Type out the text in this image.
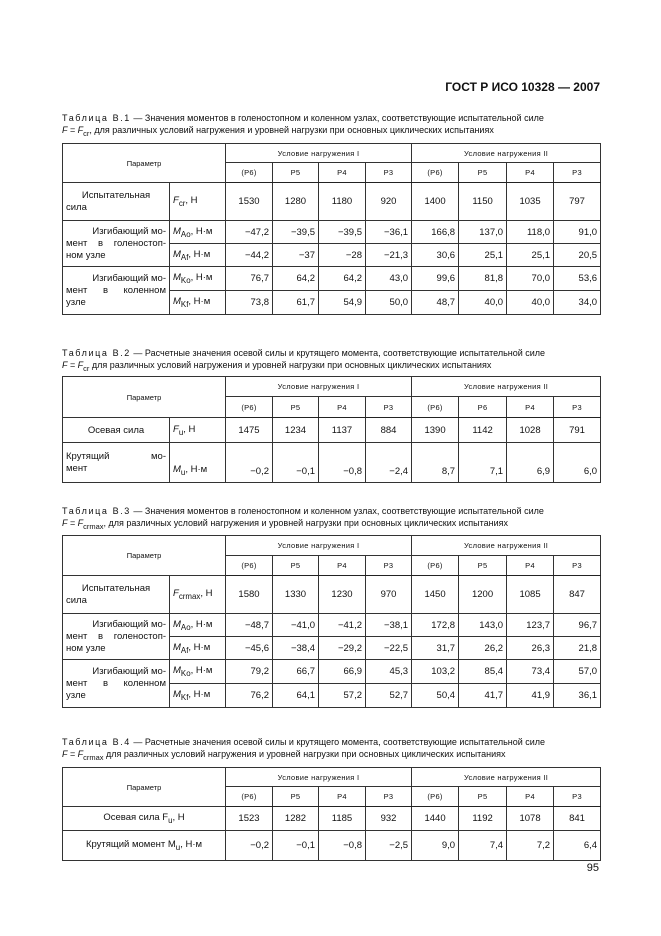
ГОСТ Р ИСО 10328 — 2007
Таблица В.1 — Значения моментов в голеностопном и коленном узлах, соответствующие испытательной силе
$F = F_{cr}$, для различных условий нагружения и уровней нагрузки при основных циклических испытаниях
Параметр		Условие нагружения I				Условие нагружения II			
		(P6)	P5	P4	P3	(P6)	P5	P4	P3

Испытательная
сила	$F_{cr}$, Н	1530	1280	1180	920	1400	1150	1035	797

Изгибающий мо-
мент в голеностоп-
ном узле	$M_{Ao}$, Н·м	−47,2	−39,5	−39,5	−36,1	166,8	137,0	118,0	91,0
	$M_{Af}$, Н·м	−44,2	−37	−28	−21,3	30,6	25,1	25,1	20,5

Изгибающий мо-
мент в коленном
узле	$M_{Ko}$, Н·м	76,7	64,2	64,2	43,0	99,6	81,8	70,0	53,6
	$M_{Kf}$, Н·м	73,8	61,7	54,9	50,0	48,7	40,0	40,0	34,0
Таблица В.2 — Расчетные значения осевой силы и крутящего момента, соответствующие испытательной силе
$F = F_{cr}$ для различных условий нагружения и уровней нагрузки при основных циклических испытаниях
Параметр		Условие нагружения I				Условие нагружения II			
		(P6)	P5	P4	P3	(P6)	P6	P4	P3
Осевая сила	$F_u$, Н	1475	1234	1137	884	1390	1142	1028	791

Крутящий мо-
мент	$M_u$, Н·м	−0,2	−0,1	−0,8	−2,4	8,7	7,1	6,9	6,0
Таблица В.3 — Значения моментов в голеностопном и коленном узлах, соответствующие испытательной силе
$F = F_{crmax}$, для различных условий нагружения и уровней нагрузки при основных циклических испытаниях
Параметр		Условие нагружения I				Условие нагружения II			
		(P6)	P5	P4	P3	(P6)	P5	P4	P3

Испытательная
сила	$F_{crmax}$, Н	1580	1330	1230	970	1450	1200	1085	847

Изгибающий мо-
мент в голеностоп-
ном узле	$M_{Ao}$, Н·м	−48,7	−41,0	−41,2	−38,1	172,8	143,0	123,7	96,7
	$M_{Af}$, Н·м	−45,6	−38,4	−29,2	−22,5	31,7	26,2	26,3	21,8

Изгибающий мо-
мент в коленном
узле	$M_{Ko}$, Н·м	79,2	66,7	66,9	45,3	103,2	85,4	73,4	57,0
	$M_{Kf}$, Н·м	76,2	64,1	57,2	52,7	50,4	41,7	41,9	36,1
Таблица В.4 — Расчетные значения осевой силы и крутящего момента, соответствующие испытательной силе
$F = F_{crmax}$ для различных условий нагружения и уровней нагрузки при основных циклических испытаниях
Параметр	Условие нагружения I				Условие нагружения II			
	(P6)	P5	P4	P3	(P6)	P5	P4	P3
Осевая сила $F_u$, Н	1523	1282	1185	932	1440	1192	1078	841
Крутящий момент $M_u$, Н·м	−0,2	−0,1	−0,8	−2,5	9,0	7,4	7,2	6,4
95
